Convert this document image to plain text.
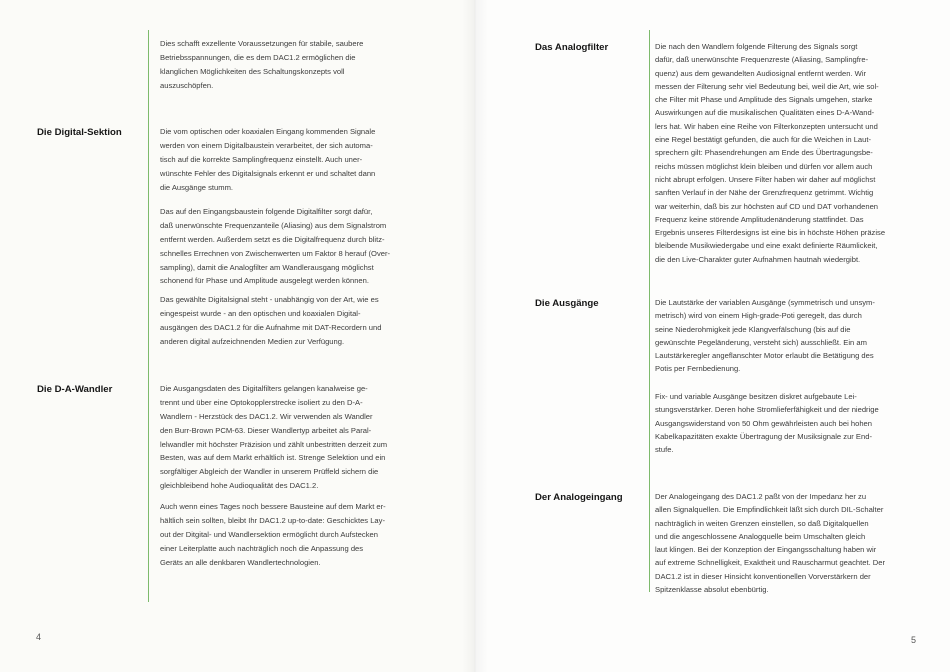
Dies schafft exzellente Voraussetzungen für stabile, saubere
Betriebsspannungen, die es dem DAC1.2 ermöglichen die
klanglichen Möglichkeiten des Schaltungskonzepts voll
auszuschöpfen.
Die Digital-Sektion	Die vom optischen oder koaxialen Eingang kommenden Signale
werden von einem Digitalbaustein verarbeitet, der sich automa-
tisch auf die korrekte Samplingfrequenz einstellt. Auch uner-
wünschte Fehler des Digitalsignals erkennt er und schaltet dann
die Ausgänge stumm.
Das auf den Eingangsbaustein folgende Digitalfilter sorgt dafür,
daß unerwünschte Frequenzanteile (Aliasing) aus dem Signalstrom
entfernt werden. Außerdem setzt es die Digitalfrequenz durch blitz-
schnelles Errechnen von Zwischenwerten um Faktor 8 herauf (Over-
sampling), damit die Analogfilter am Wandlerausgang möglichst
schonend für Phase und Amplitude ausgelegt werden können.
Das gewählte Digitalsignal steht - unabhängig von der Art, wie es
eingespeist wurde - an den optischen und koaxialen Digital-
ausgängen des DAC1.2 für die Aufnahme mit DAT-Recordern und
anderen digital aufzeichnenden Medien zur Verfügung.
Die D-A-Wandler	Die Ausgangsdaten des Digitalfilters gelangen kanalweise ge-
trennt und über eine Optokopplerstrecke isoliert zu den D-A-
Wandlern - Herzstück des DAC1.2. Wir verwenden als Wandler
den Burr-Brown PCM-63. Dieser Wandlertyp arbeitet als Paral-
lelwandler mit höchster Präzision und zählt unbestritten derzeit zum
Besten, was auf dem Markt erhältlich ist. Strenge Selektion und ein
sorgfältiger Abgleich der Wandler in unserem Prüffeld sichern die
gleichbleibend hohe Audioqualität des DAC1.2.
Auch wenn eines Tages noch bessere Bausteine auf dem Markt er-
hältlich sein sollten, bleibt Ihr DAC1.2 up-to-date: Geschicktes Lay-
out der Ditgital- und Wandlersektion ermöglicht durch Aufstecken
einer Leiterplatte auch nachträglich noch die Anpassung des
Geräts an alle denkbaren Wandlertechnologien.
4
Das Analogfilter	Die nach den Wandlern folgende Filterung des Signals sorgt
dafür, daß unerwünschte Frequenzreste (Aliasing, Samplingfre-
quenz) aus dem gewandelten Audiosignal entfernt werden. Wir
messen der Filterung sehr viel Bedeutung bei, weil die Art, wie sol-
che Filter mit Phase und Amplitude des Signals umgehen, starke
Auswirkungen auf die musikalischen Qualitäten eines D-A-Wand-
lers hat. Wir haben eine Reihe von Filterkonzepten untersucht und
eine Regel bestätigt gefunden, die auch für die Weichen in Laut-
sprechern gilt: Phasendrehungen am Ende des Übertragungsbe-
reichs müssen möglichst klein bleiben und dürfen vor allem auch
nicht abrupt erfolgen. Unsere Filter haben wir daher auf möglichst
sanften Verlauf in der Nähe der Grenzfrequenz getrimmt. Wichtig
war weiterhin, daß bis zur höchsten auf CD und DAT vorhandenen
Frequenz keine störende Amplitudenänderung stattfindet. Das
Ergebnis unseres Filterdesigns ist eine bis in höchste Höhen präzise
bleibende Musikwiedergabe und eine exakt definierte Räumlickeit,
die den Live-Charakter guter Aufnahmen hautnah wiedergibt.
Die Ausgänge	Die Lautstärke der variablen Ausgänge (symmetrisch und unsym-
metrisch) wird von einem High-grade-Poti geregelt, das durch
seine Niederohmigkeit jede Klangverfälschung (bis auf die
gewünschte Pegeländerung, versteht sich) ausschließt. Ein am
Lautstärkeregler angeflanschter Motor erlaubt die Betätigung des
Potis per Fernbedienung.
Fix- und variable Ausgänge besitzen diskret aufgebaute Lei-
stungsverstärker. Deren hohe Stromlieferfähigkeit und der niedrige
Ausgangswiderstand von 50 Ohm gewährleisten auch bei hohen
Kabelkapazitäten exakte Übertragung der Musiksignale zur End-
stufe.
Der Analogeingang	Der Analogeingang des DAC1.2 paßt von der Impedanz her zu
allen Signalquellen. Die Empfindlichkeit läßt sich durch DIL-Schalter
nachträglich in weiten Grenzen einstellen, so daß Digitalquellen
und die angeschlossene Analogquelle beim Umschalten gleich
laut klingen. Bei der Konzeption der Eingangsschaltung haben wir
auf extreme Schnelligkeit, Exaktheit und Rauscharmut geachtet. Der
DAC1.2 ist in dieser Hinsicht konventionellen Vorverstärkern der
Spitzenklasse absolut ebenbürtig.
5
